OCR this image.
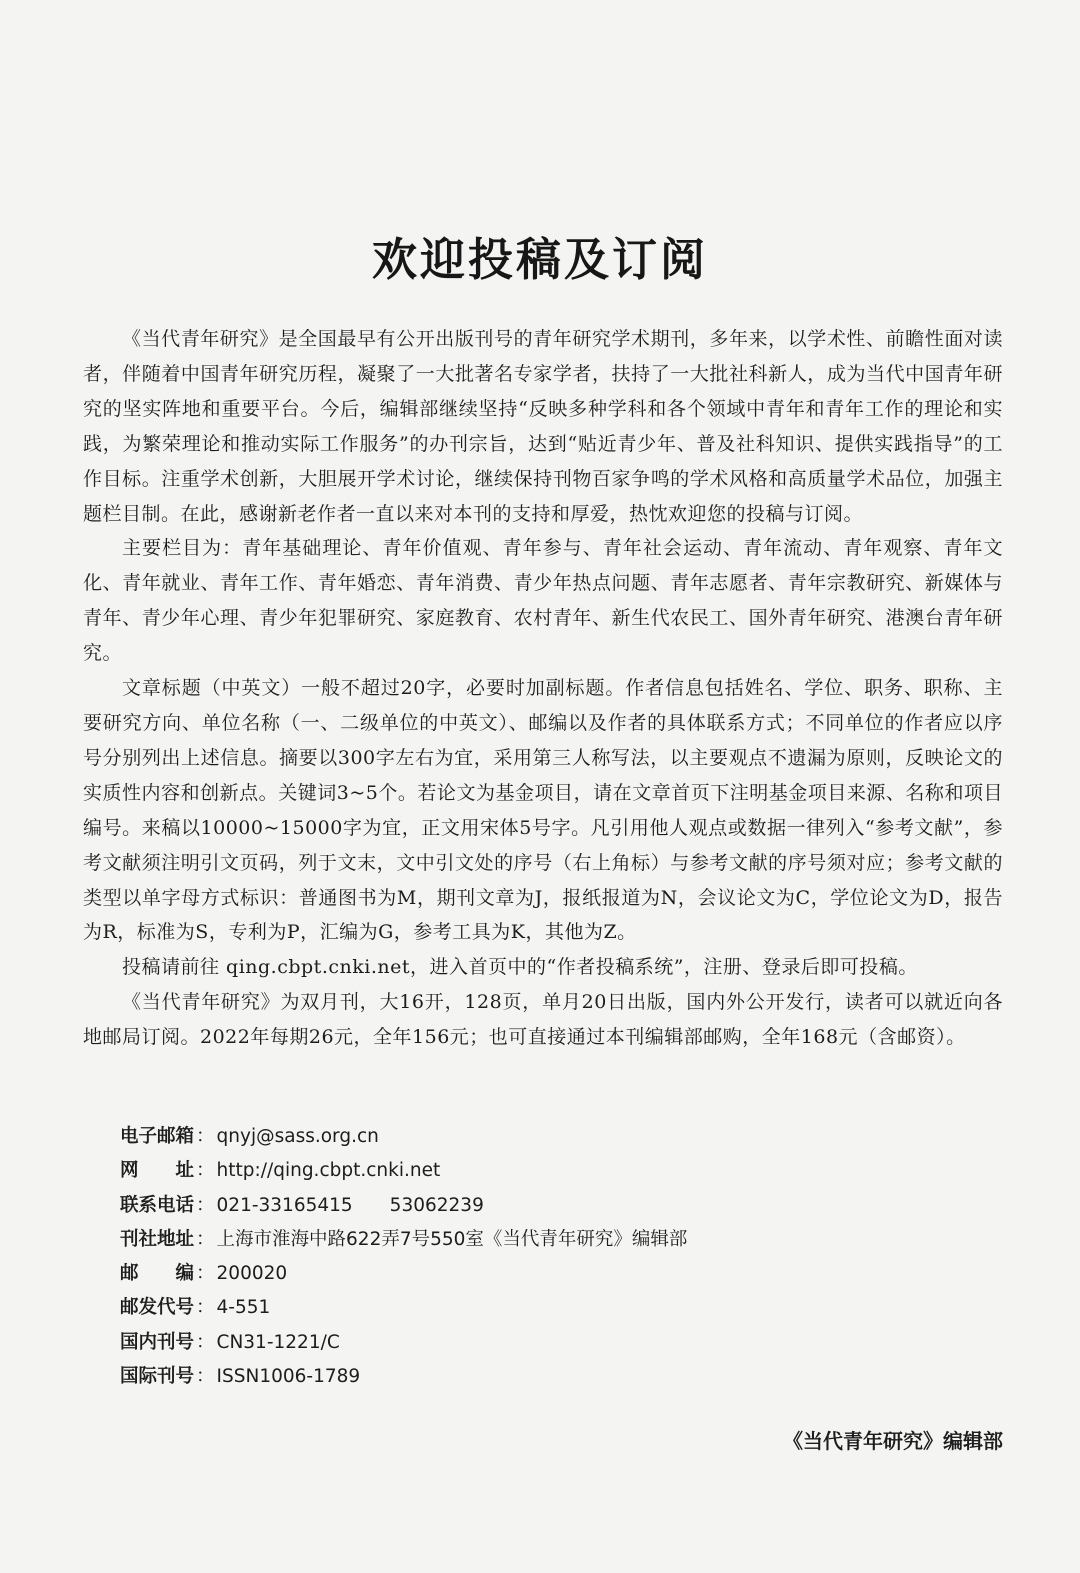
欢迎投稿及订阅

《当代青年研究》是全国最早有公开出版刊号的青年研究学术期刊，多年来，以学术性、前瞻性面对读者，伴随着中国青年研究历程，凝聚了一大批著名专家学者，扶持了一大批社科新人，成为当代中国青年研究的坚实阵地和重要平台。今后，编辑部继续坚持“反映多种学科和各个领域中青年和青年工作的理论和实践，为繁荣理论和推动实际工作服务”的办刊宗旨，达到“贴近青少年、普及社科知识、提供实践指导”的工作目标。注重学术创新，大胆展开学术讨论，继续保持刊物百家争鸣的学术风格和高质量学术品位，加强主题栏目制。在此，感谢新老作者一直以来对本刊的支持和厚爱，热忱欢迎您的投稿与订阅。

主要栏目为：青年基础理论、青年价值观、青年参与、青年社会运动、青年流动、青年观察、青年文化、青年就业、青年工作、青年婚恋、青年消费、青少年热点问题、青年志愿者、青年宗教研究、新媒体与青年、青少年心理、青少年犯罪研究、家庭教育、农村青年、新生代农民工、国外青年研究、港澳台青年研究。

文章标题（中英文）一般不超过20字，必要时加副标题。作者信息包括姓名、学位、职务、职称、主要研究方向、单位名称（一、二级单位的中英文）、邮编以及作者的具体联系方式；不同单位的作者应以序号分别列出上述信息。摘要以300字左右为宜，采用第三人称写法，以主要观点不遗漏为原则，反映论文的实质性内容和创新点。关键词3~5个。若论文为基金项目，请在文章首页下注明基金项目来源、名称和项目编号。来稿以10000~15000字为宜，正文用宋体5号字。凡引用他人观点或数据一律列入“参考文献”，参考文献须注明引文页码，列于文末，文中引文处的序号（右上角标）与参考文献的序号须对应；参考文献的类型以单字母方式标识：普通图书为M，期刊文章为J，报纸报道为N，会议论文为C，学位论文为D，报告为R，标准为S，专利为P，汇编为G，参考工具为K，其他为Z。

投稿请前往 qing.cbpt.cnki.net，进入首页中的“作者投稿系统”，注册、登录后即可投稿。

《当代青年研究》为双月刊，大16开，128页，单月20日出版，国内外公开发行，读者可以就近向各地邮局订阅。2022年每期26元，全年156元；也可直接通过本刊编辑部邮购，全年168元（含邮资）。

电子邮箱 ： qnyj@sass.org.cn
网　　址 ： http://qing.cbpt.cnki.net
联系电话 ： 021-33165415　　53062239
刊社地址 ： 上海市淮海中路622弄7号550室《当代青年研究》编辑部
邮　　编 ： 200020
邮发代号 ： 4-551
国内刊号 ： CN31-1221/C
国际刊号 ： ISSN1006-1789
《当代青年研究》编辑部
